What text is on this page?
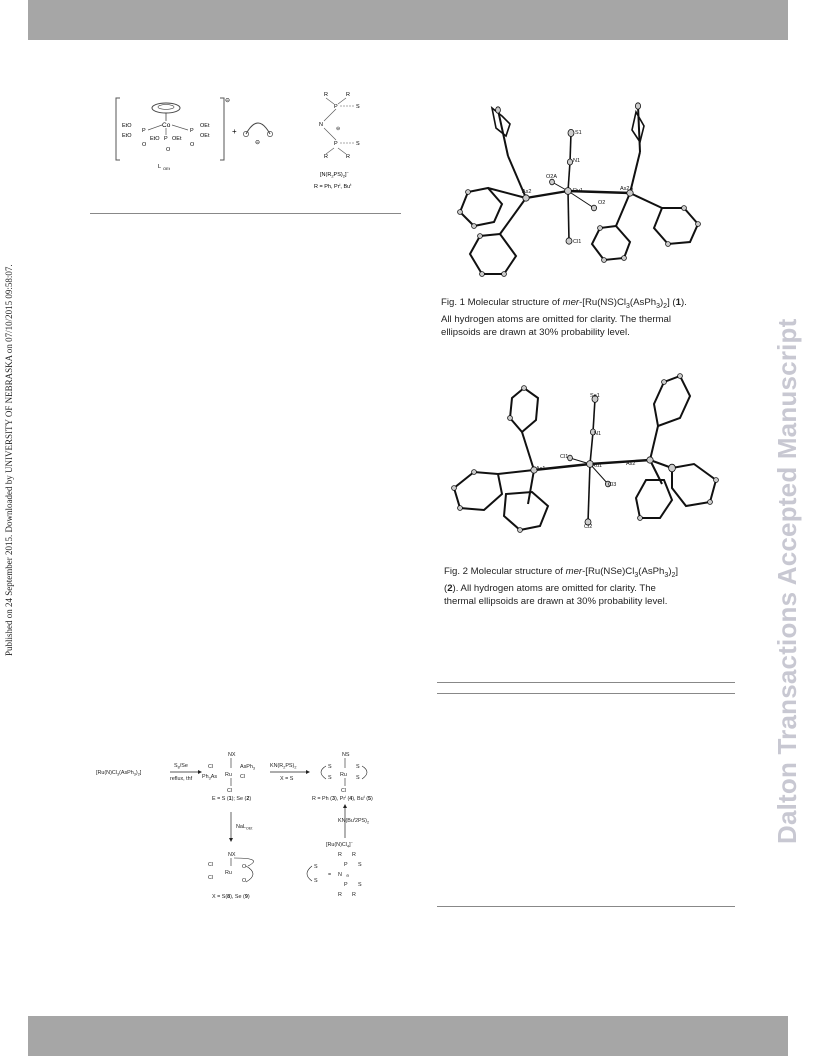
Published on 24 September 2015. Downloaded by UNIVERSITY OF NEBRASKA on 07/10/2015 09:58:07.	Dalton Transactions Accepted Manuscript
⊖
Co
EtO
EtO
P
O
P
OEt
OEt
O
EtO P OEt
O
L OEt
+
⊖
R	R
P	S
N
⊖
P	S
R	R
$[N(R_2PS)_2]^-$
R = Ph, Pr$^i$, Bu$^t$
S1
N1
Ru1
As2	As2A
O2A
O2
Cl1
Fig. 1 Molecular structure of mer-$[Ru(NS)Cl_3(AsPh_3)_2]$ (1).
All hydrogen atoms are omitted for clarity. The thermal
ellipsoids are drawn at 30% probability level.
Se1
N1
Ru1
Cl1
Cl2
Cl3
As1
As2
Fig. 2 Molecular structure of mer-$[Ru(NSe)Cl_3(AsPh_3)_2]$
(2). All hydrogen atoms are omitted for clarity. The
thermal ellipsoids are drawn at 30% probability level.
$[Ru(N)Cl_3(AsPh_3)_2]$
$S_8/Se$
reflux, thf
NX
Ru
Cl	AsPh$_3$
$Ph_3As$	Cl
Cl
E = S (1); Se (2)
$KN(R_2PS)_2$
X = S
NS
Ru
S	S
S	S
Cl
R = Ph (3), Pr$^i$ (4), Bu$^t$ (5)
NaL$_{OEt}$
$KN(Bu^t2PS)_2$
$[Ru(N)Cl_4]^-$
NX
Ru
Cl
Cl
O
O
X = S(8), Se (9)
S
S
=
R R
P S
N ⊖
P S
R R
